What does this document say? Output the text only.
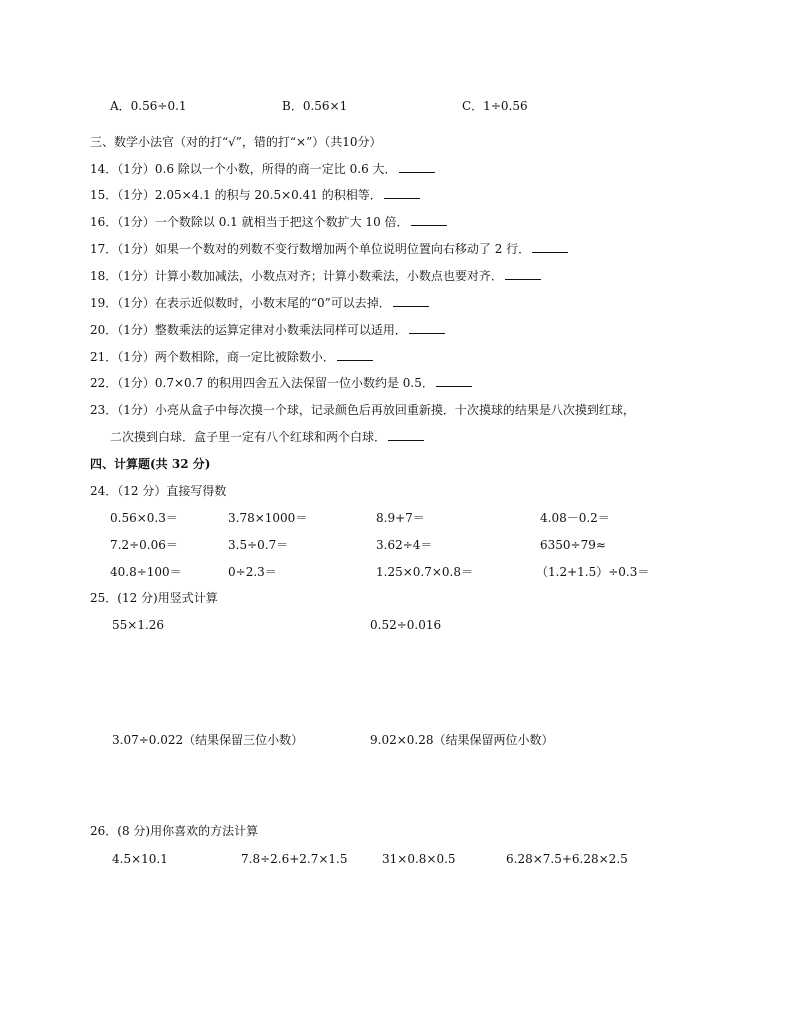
A．0.56÷0.1	B．0.56×1	C．1÷0.56
三、数学小法官（对的打“√”，错的打“×”）（共10分）
14．（1分）0.6 除以一个小数，所得的商一定比 0.6 大．
15．（1分）2.05×4.1 的积与 20.5×0.41 的积相等．
16．（1分）一个数除以 0.1 就相当于把这个数扩大 10 倍．
17．（1分）如果一个数对的列数不变行数增加两个单位说明位置向右移动了 2 行．
18．（1分）计算小数加减法，小数点对齐；计算小数乘法，小数点也要对齐．
19．（1分）在表示近似数时，小数末尾的“0”可以去掉．
20．（1分）整数乘法的运算定律对小数乘法同样可以适用．
21．（1分）两个数相除，商一定比被除数小．
22．（1分）0.7×0.7 的积用四舍五入法保留一位小数约是 0.5．
23．（1分）小亮从盒子中每次摸一个球，记录颜色后再放回重新摸．十次摸球的结果是八次摸到红球，
二次摸到白球．盒子里一定有八个红球和两个白球．
四、计算题(共 32 分)
24．（12 分）直接写得数
0.56×0.3＝	3.78×1000＝	8.9+7＝	4.08－0.2＝
7.2÷0.06＝	3.5÷0.7＝	3.62÷4＝	6350÷79≈
40.8÷100＝	0÷2.3＝	1.25×0.7×0.8＝	（1.2+1.5）÷0.3＝
25．(12 分)用竖式计算
55×1.26	0.52÷0.016
3.07÷0.022（结果保留三位小数）	9.02×0.28（结果保留两位小数）
26．(8 分)用你喜欢的方法计算
4.5×10.1	7.8÷2.6+2.7×1.5	31×0.8×0.5	6.28×7.5+6.28×2.5
